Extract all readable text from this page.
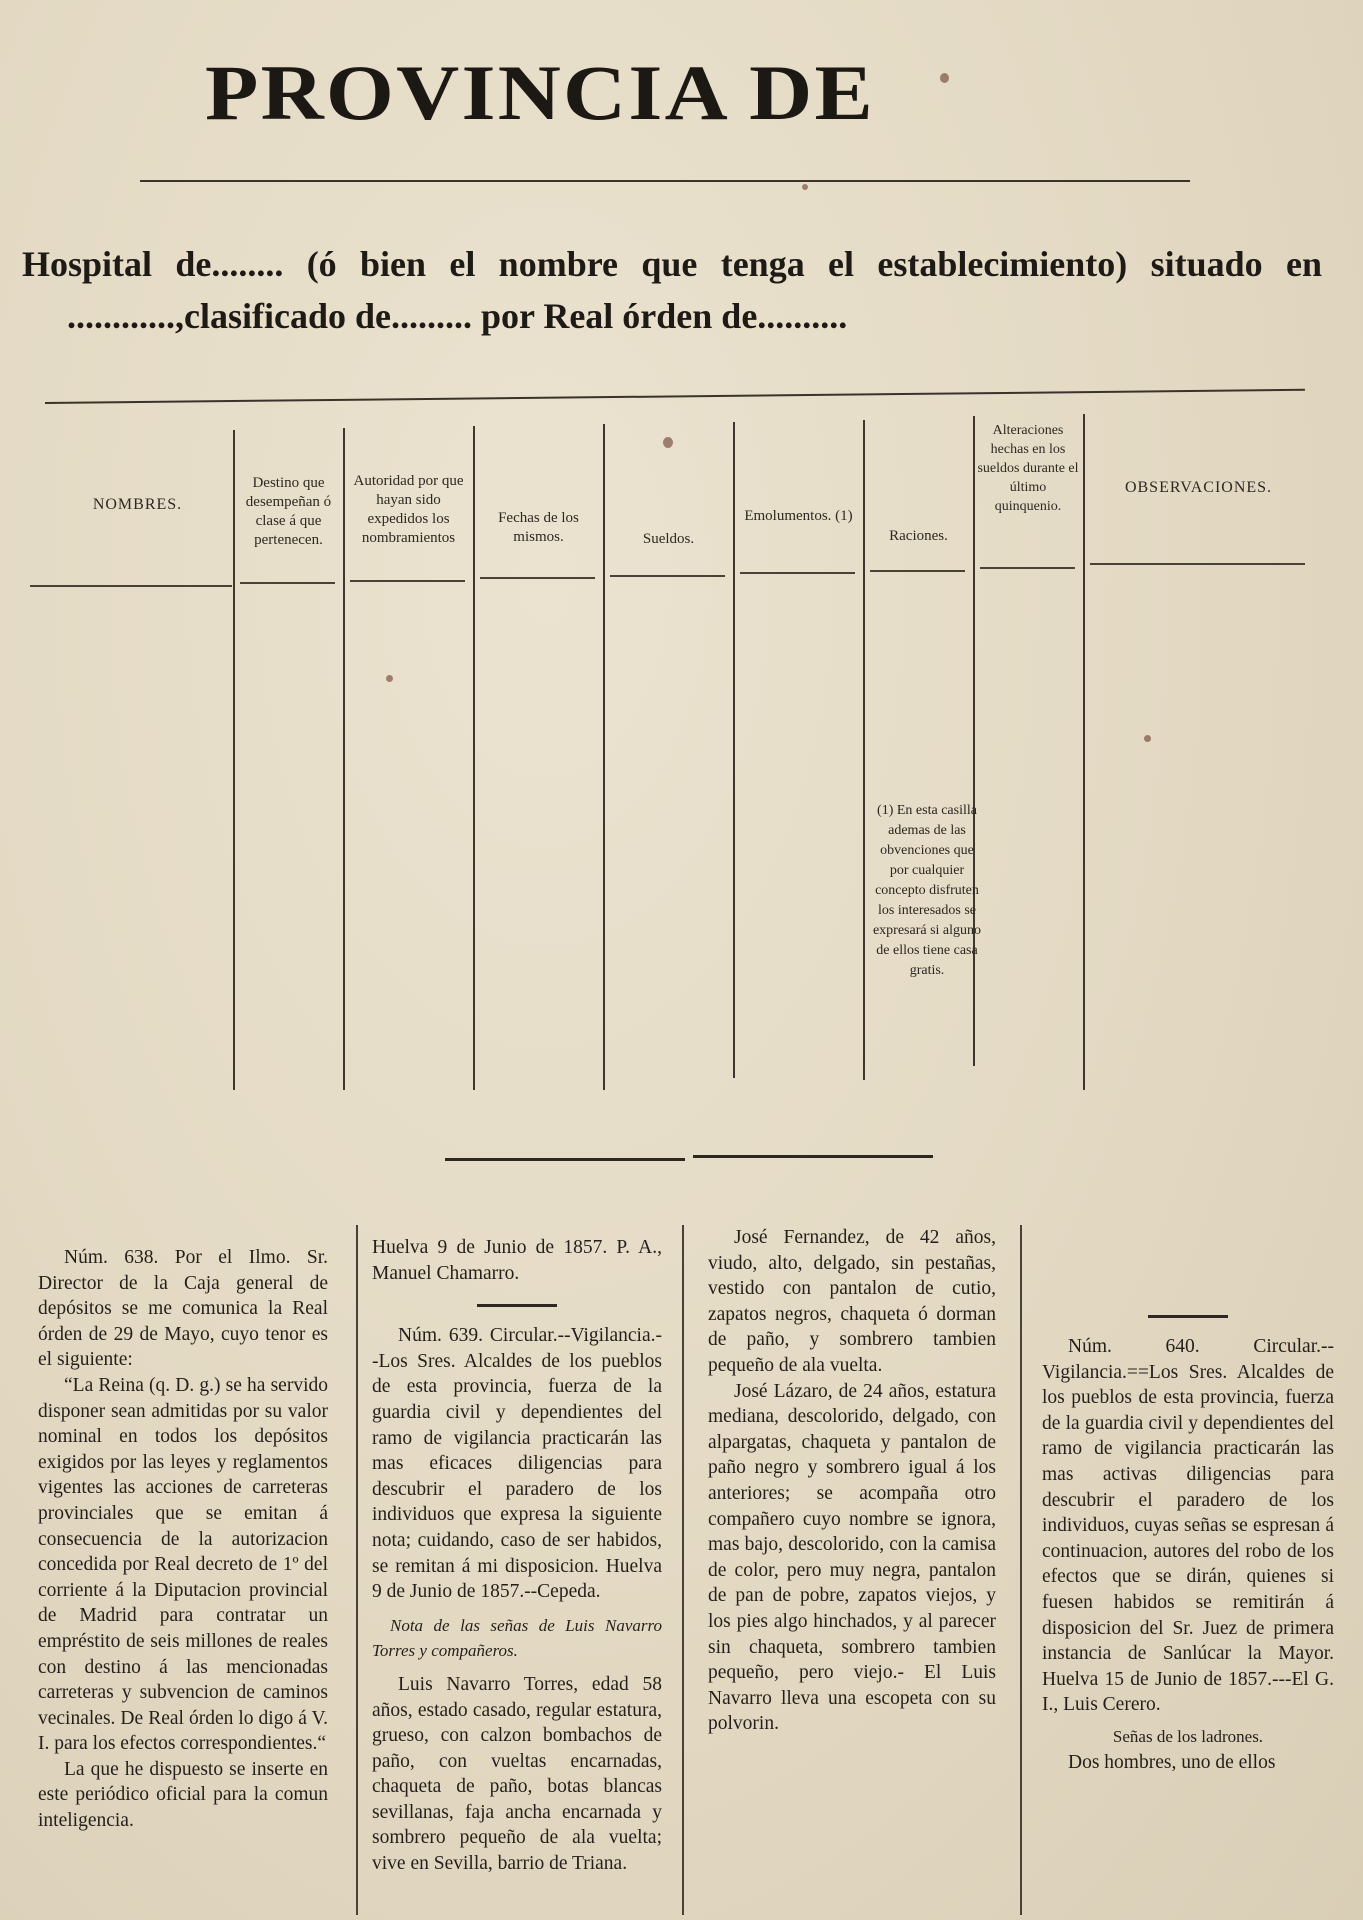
PROVINCIA DE
Hospital de........ (ó bien el nombre que tenga el establecimiento) situado en
............,clasificado de......... por Real órden de..........
NOMBRES.
Destino que desempeñan ó clase á que pertenecen.
Autoridad por que hayan sido expedidos los nombramientos
Fechas de los mismos.	Sueldos.
Emolumentos. (1)
Raciones.
Alteraciones hechas en los sueldos durante el último quinquenio.
OBSERVACIONES.
(1) En esta casilla ademas de las obvenciones que por cualquier concepto disfruten los interesados se expresará si alguno de ellos tiene casa gratis.

Núm. 638. Por el Ilmo. Sr. Director de la Caja general de depósitos se me comunica la Real órden de 29 de Mayo, cuyo tenor es el siguiente:

“La Reina (q. D. g.) se ha servido disponer sean admitidas por su valor nominal en todos los depósitos exigidos por las leyes y reglamentos vigentes las acciones de carreteras provinciales que se emitan á consecuencia de la autorizacion concedida por Real decreto de 1º del corriente á la Diputacion provincial de Madrid para contratar un empréstito de seis millones de reales con destino á las mencionadas carreteras y subvencion de caminos vecinales. De Real órden lo digo á V. I. para los efectos correspondientes.“

La que he dispuesto se inserte en este periódico oficial para la comun inteligencia.

Huelva 9 de Junio de 1857. P. A., Manuel Chamarro.

Núm. 639. Circular.--Vigilancia.--Los Sres. Alcaldes de los pueblos de esta provincia, fuerza de la guardia civil y dependientes del ramo de vigilancia practicarán las mas eficaces diligencias para descubrir el paradero de los individuos que expresa la siguiente nota; cuidando, caso de ser habidos, se remitan á mi disposicion. Huelva 9 de Junio de 1857.--Cepeda.

Nota de las señas de Luis Navarro Torres y compañeros.

Luis Navarro Torres, edad 58 años, estado casado, regular estatura, grueso, con calzon bombachos de paño, con vueltas encarnadas, chaqueta de paño, botas blancas sevillanas, faja ancha encarnada y sombrero pequeño de ala vuelta; vive en Sevilla, barrio de Triana.

José Fernandez, de 42 años, viudo, alto, delgado, sin pestañas, vestido con pantalon de cutio, zapatos negros, chaqueta ó dorman de paño, y sombrero tambien pequeño de ala vuelta.

José Lázaro, de 24 años, estatura mediana, descolorido, delgado, con alpargatas, chaqueta y pantalon de paño negro y sombrero igual á los anteriores; se acompaña otro compañero cuyo nombre se ignora, mas bajo, descolorido, con la camisa de color, pero muy negra, pantalon de pan de pobre, zapatos viejos, y los pies algo hinchados, y al parecer sin chaqueta, sombrero tambien pequeño, pero viejo.- El Luis Navarro lleva una escopeta con su polvorin.

Núm. 640. Circular.--Vigilancia.==Los Sres. Alcaldes de los pueblos de esta provincia, fuerza de la guardia civil y dependientes del ramo de vigilancia practicarán las mas activas diligencias para descubrir el paradero de los individuos, cuyas señas se espresan á continuacion, autores del robo de los efectos que se dirán, quienes si fuesen habidos se remitirán á disposicion del Sr. Juez de primera instancia de Sanlúcar la Mayor. Huelva 15 de Junio de 1857.---El G. I., Luis Cerero.

Señas de los ladrones.

Dos hombres, uno de ellos
